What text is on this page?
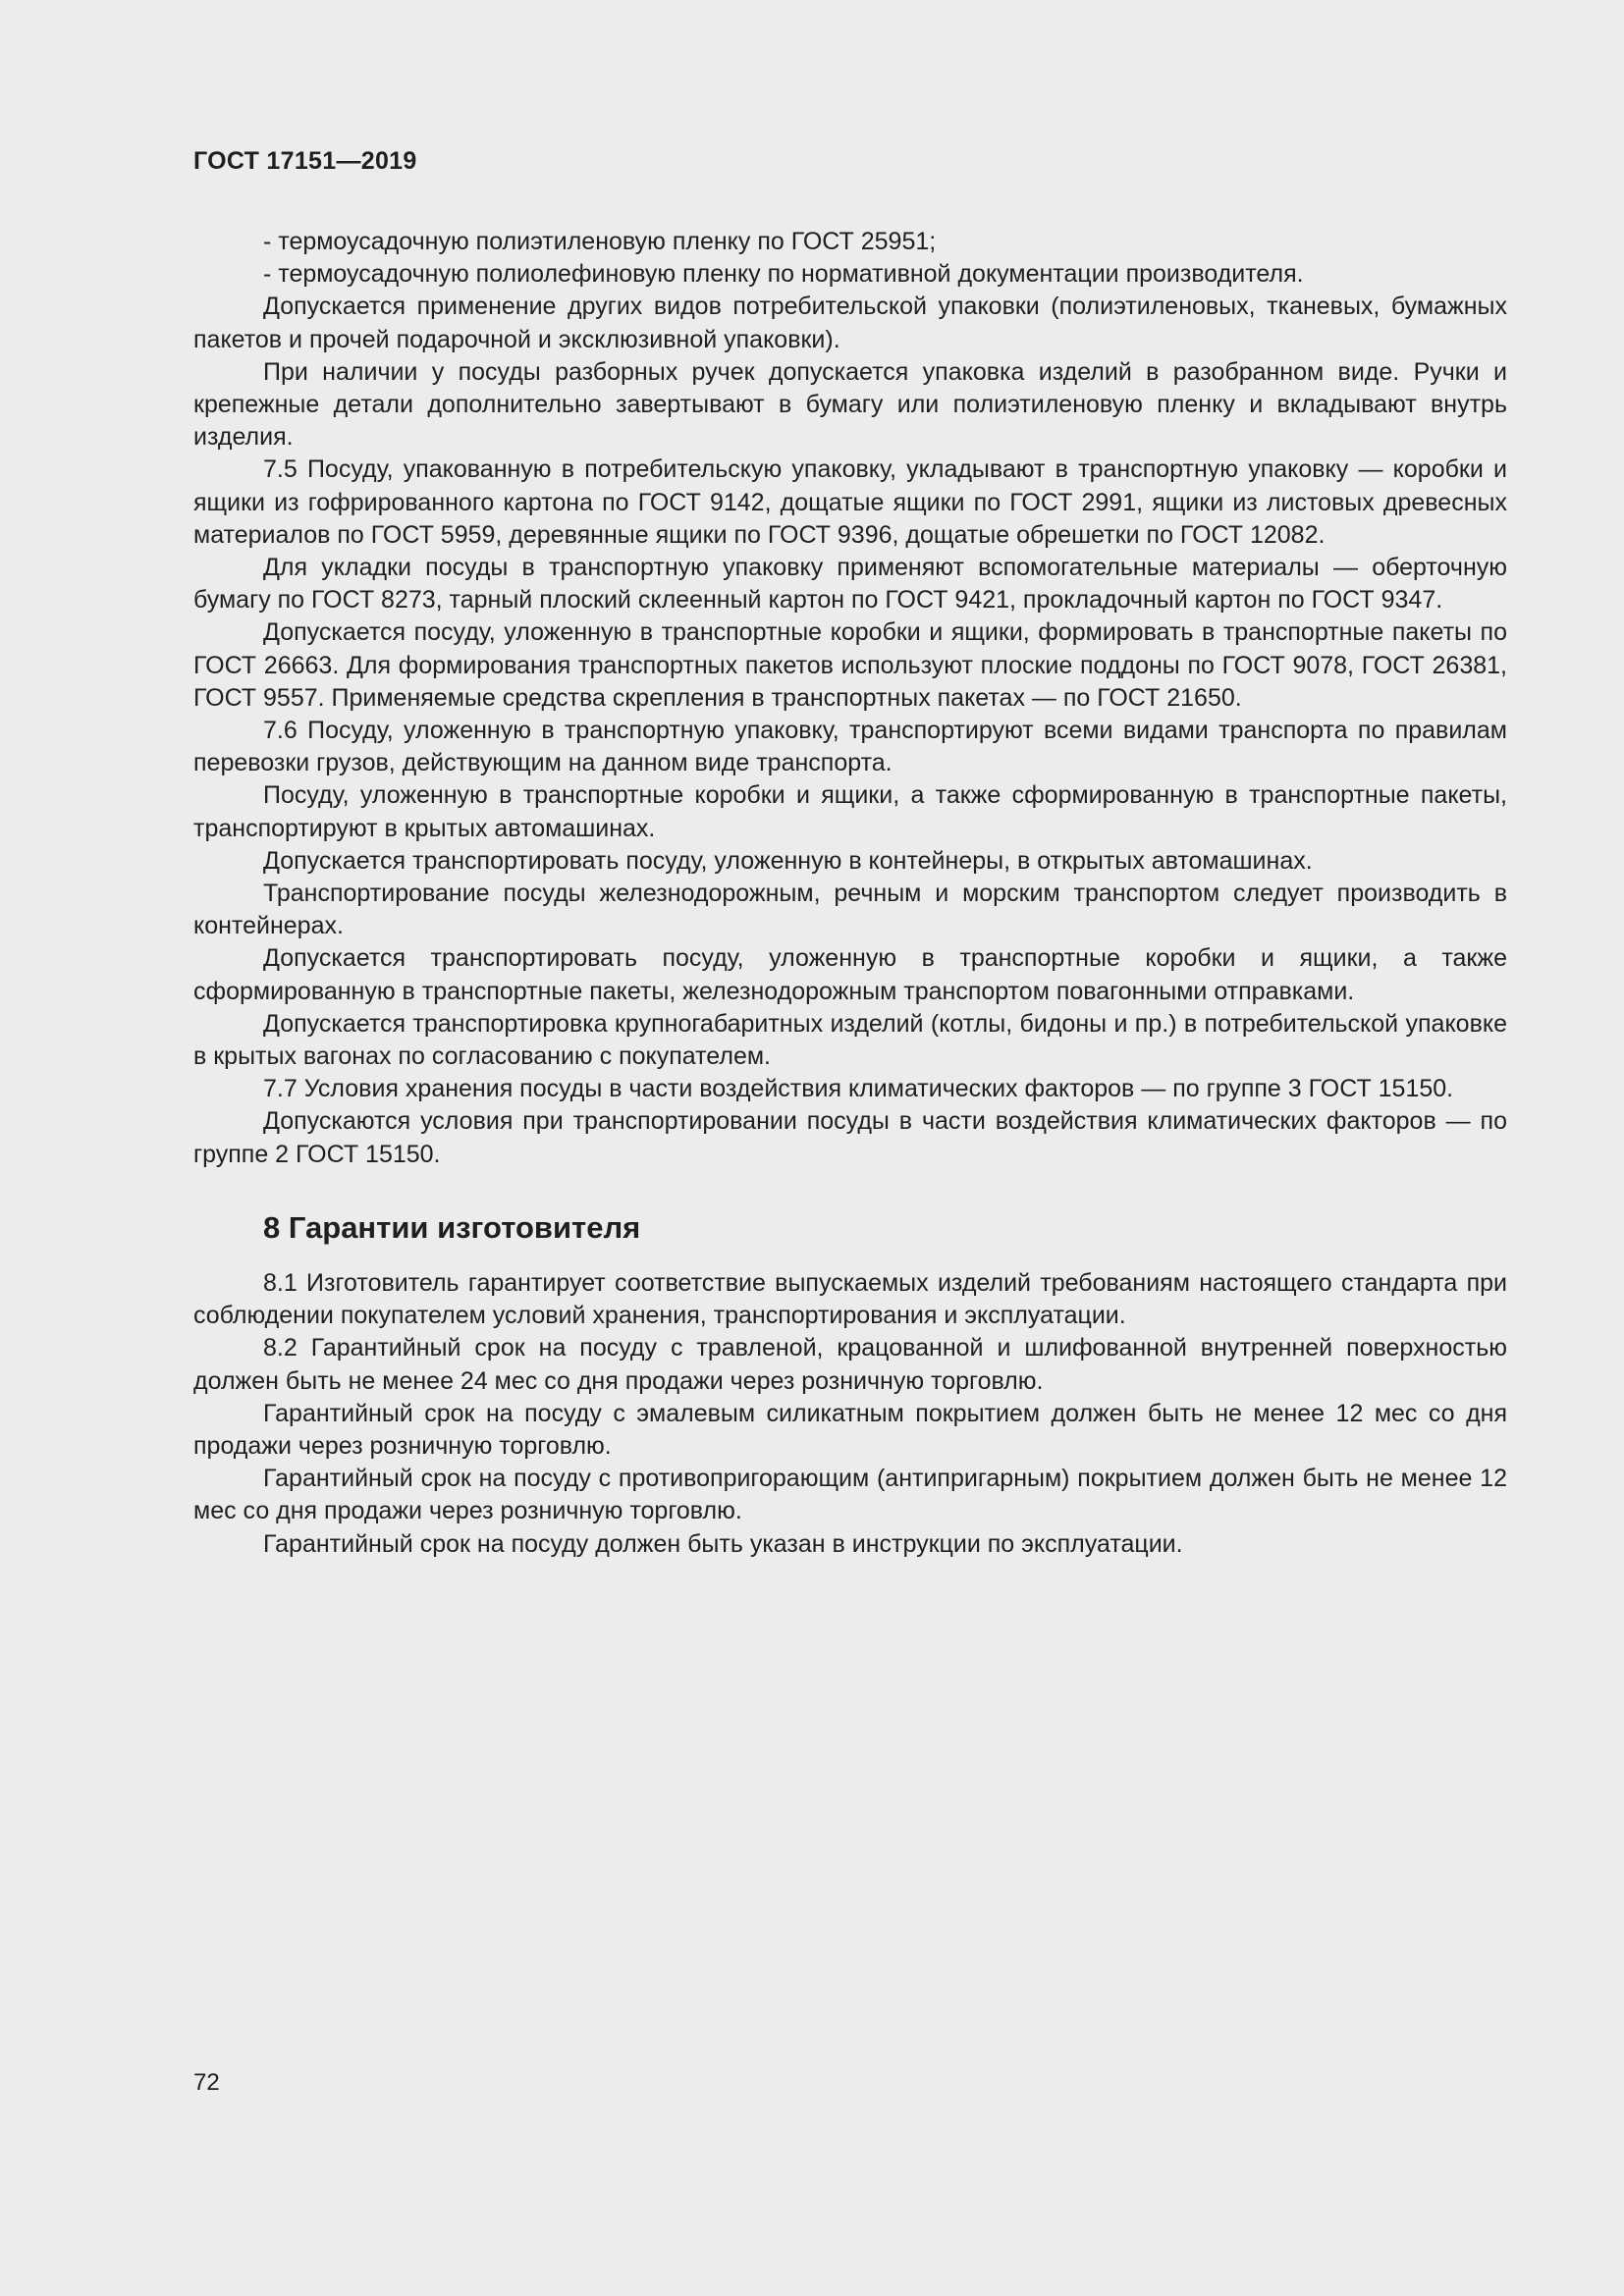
ГОСТ 17151—2019

- термоусадочную полиэтиленовую пленку по ГОСТ 25951;

- термоусадочную полиолефиновую пленку по нормативной документации производителя.

Допускается применение других видов потребительской упаковки (полиэтиленовых, тканевых, бумажных пакетов и прочей подарочной и эксклюзивной упаковки).

При наличии у посуды разборных ручек допускается упаковка изделий в разобранном виде. Ручки и крепежные детали дополнительно завертывают в бумагу или полиэтиленовую пленку и вкладывают внутрь изделия.

7.5 Посуду, упакованную в потребительскую упаковку, укладывают в транспортную упаковку — коробки и ящики из гофрированного картона по ГОСТ 9142, дощатые ящики по ГОСТ 2991, ящики из листовых древесных материалов по ГОСТ 5959, деревянные ящики по ГОСТ 9396, дощатые обрешетки по ГОСТ 12082.

Для укладки посуды в транспортную упаковку применяют вспомогательные материалы — оберточную бумагу по ГОСТ 8273, тарный плоский склеенный картон по ГОСТ 9421, прокладочный картон по ГОСТ 9347.

Допускается посуду, уложенную в транспортные коробки и ящики, формировать в транспортные пакеты по ГОСТ 26663. Для формирования транспортных пакетов используют плоские поддоны по ГОСТ 9078, ГОСТ 26381, ГОСТ 9557. Применяемые средства скрепления в транспортных пакетах — по ГОСТ 21650.

7.6 Посуду, уложенную в транспортную упаковку, транспортируют всеми видами транспорта по правилам перевозки грузов, действующим на данном виде транспорта.

Посуду, уложенную в транспортные коробки и ящики, а также сформированную в транспортные пакеты, транспортируют в крытых автомашинах.

Допускается транспортировать посуду, уложенную в контейнеры, в открытых автомашинах.

Транспортирование посуды железнодорожным, речным и морским транспортом следует производить в контейнерах.

Допускается транспортировать посуду, уложенную в транспортные коробки и ящики, а также сформированную в транспортные пакеты, железнодорожным транспортом повагонными отправками.

Допускается транспортировка крупногабаритных изделий (котлы, бидоны и пр.) в потребительской упаковке в крытых вагонах по согласованию с покупателем.

7.7 Условия хранения посуды в части воздействия климатических факторов — по группе 3 ГОСТ 15150.

Допускаются условия при транспортировании посуды в части воздействия климатических факторов — по группе 2 ГОСТ 15150.

8 Гарантии изготовителя

8.1 Изготовитель гарантирует соответствие выпускаемых изделий требованиям настоящего стандарта при соблюдении покупателем условий хранения, транспортирования и эксплуатации.

8.2 Гарантийный срок на посуду с травленой, крацованной и шлифованной внутренней поверхностью должен быть не менее 24 мес со дня продажи через розничную торговлю.

Гарантийный срок на посуду с эмалевым силикатным покрытием должен быть не менее 12 мес со дня продажи через розничную торговлю.

Гарантийный срок на посуду с противопригорающим (антипригарным) покрытием должен быть не менее 12 мес со дня продажи через розничную торговлю.

Гарантийный срок на посуду должен быть указан в инструкции по эксплуатации.

72
